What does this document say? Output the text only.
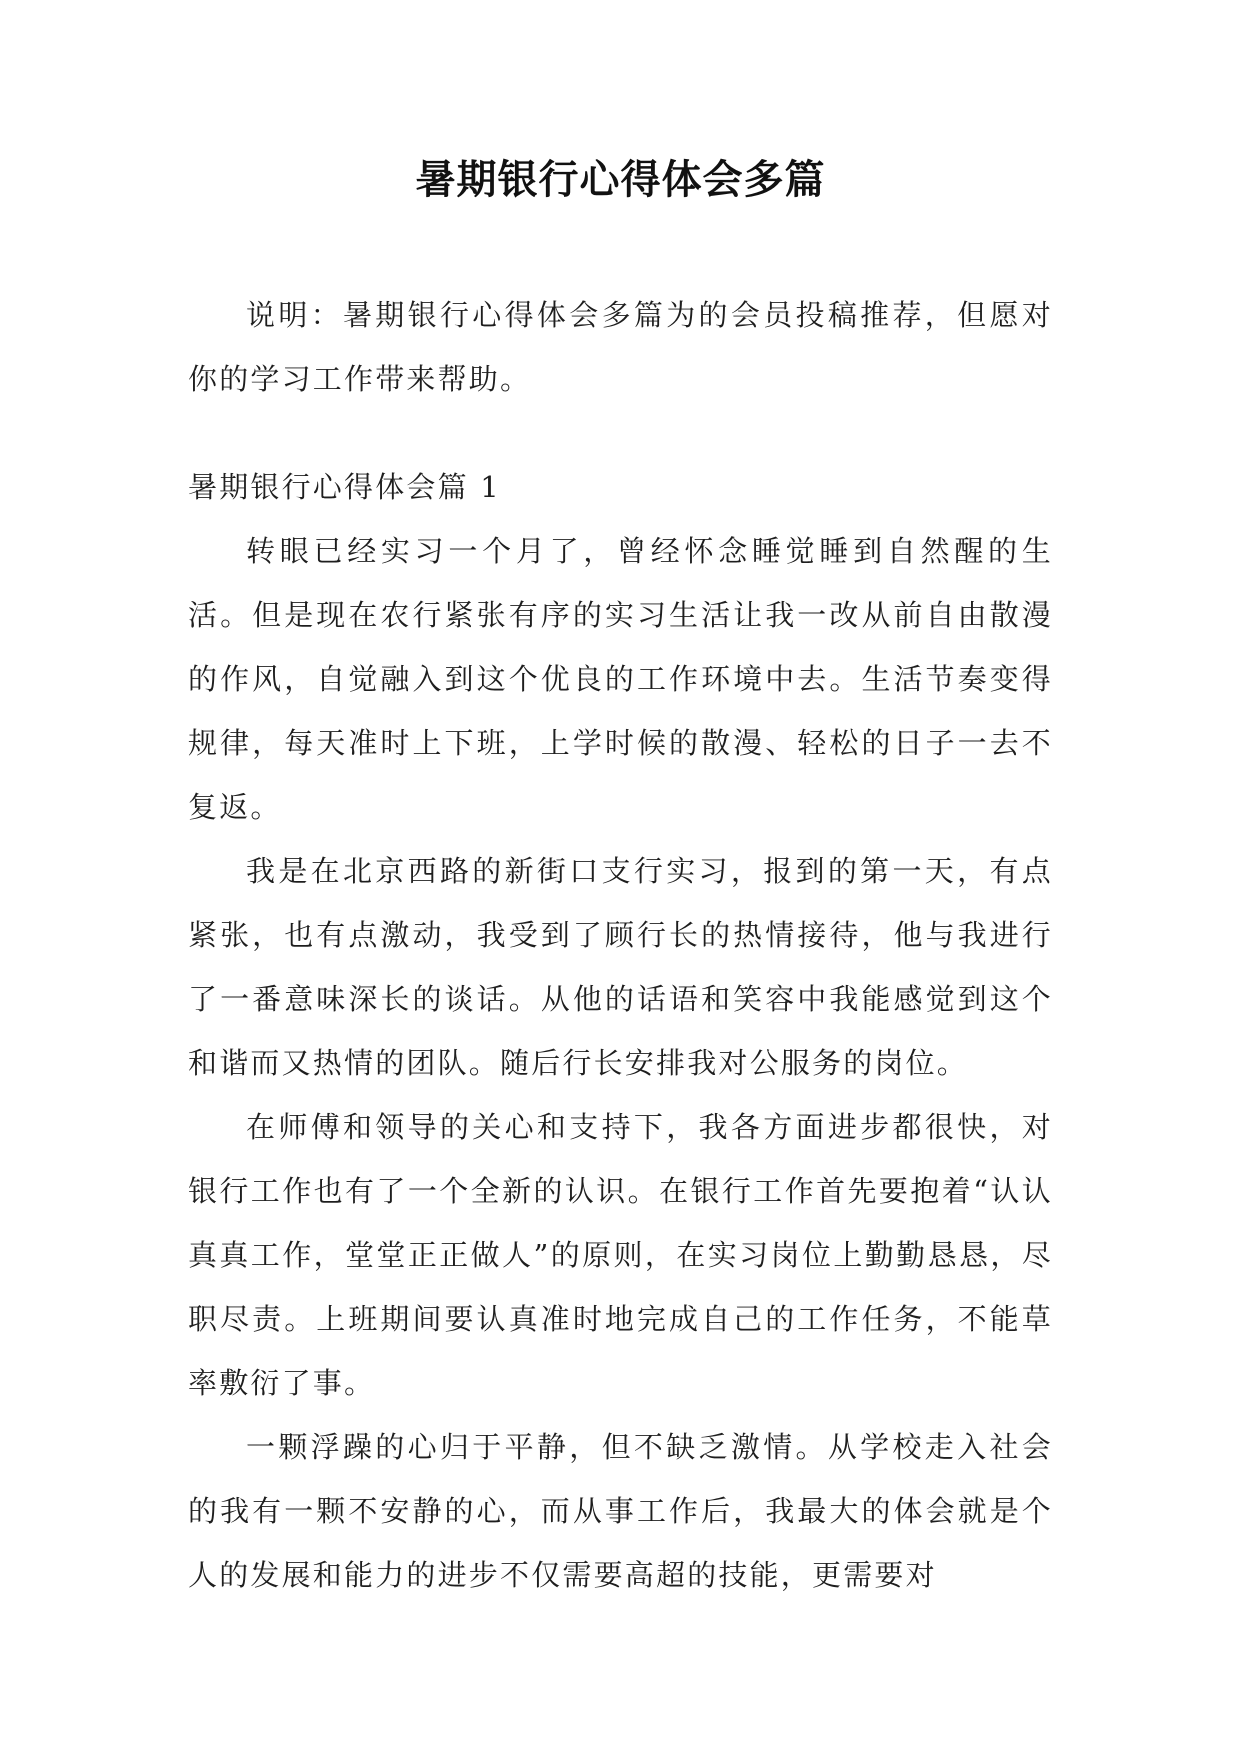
暑期银行心得体会多篇

说明：暑期银行心得体会多篇为的会员投稿推荐，但愿对你的学习工作带来帮助。

暑期银行心得体会篇 1

转眼已经实习一个月了，曾经怀念睡觉睡到自然醒的生活。但是现在农行紧张有序的实习生活让我一改从前自由散漫的作风，自觉融入到这个优良的工作环境中去。生活节奏变得规律，每天准时上下班，上学时候的散漫、轻松的日子一去不复返。

我是在北京西路的新街口支行实习，报到的第一天，有点紧张，也有点激动，我受到了顾行长的热情接待，他与我进行了一番意味深长的谈话。从他的话语和笑容中我能感觉到这个和谐而又热情的团队。随后行长安排我对公服务的岗位。

在师傅和领导的关心和支持下，我各方面进步都很快，对银行工作也有了一个全新的认识。在银行工作首先要抱着“认认真真工作，堂堂正正做人”的原则，在实习岗位上勤勤恳恳，尽职尽责。上班期间要认真准时地完成自己的工作任务，不能草率敷衍了事。

一颗浮躁的心归于平静，但不缺乏激情。从学校走入社会的我有一颗不安静的心，而从事工作后，我最大的体会就是个人的发展和能力的进步不仅需要高超的技能，更需要对
